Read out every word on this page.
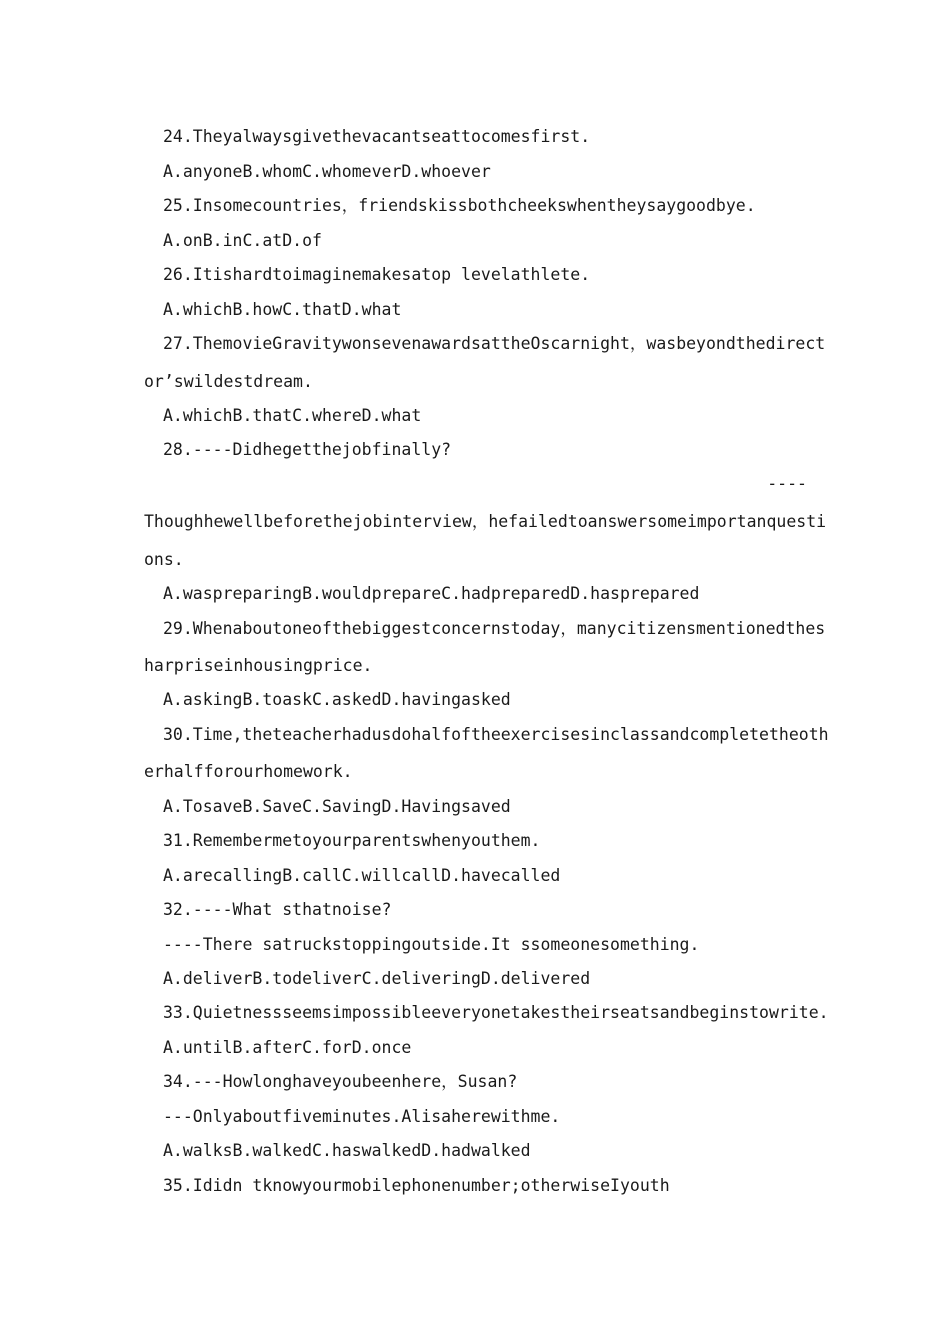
24.Theyalwaysgivethevacantseattocomesfirst.
A.anyoneB.whomC.whomeverD.whoever
25.Insomecountries，friendskissbothcheekswhentheysaygoodbye.
A.onB.inC.atD.of
26.Itishardtoimaginemakesatop levelathlete.
A.whichB.howC.thatD.what
27.ThemovieGravitywonsevenawardsattheOscarnight，wasbeyondthedirect
or’swildestdream.
A.whichB.thatC.whereD.what
28.----Didhegetthejobfinally?
----
Thoughhewellbeforethejobinterview，hefailedtoanswersomeimportanquesti
ons.
A.waspreparingB.wouldprepareC.hadpreparedD.hasprepared
29.Whenaboutoneofthebiggestconcernstoday，manycitizensmentionedthes
harpriseinhousingprice.
A.askingB.toaskC.askedD.havingasked
30.Time,theteacherhadusdohalfoftheexercisesinclassandcompletetheoth
erhalfforourhomework.
A.TosaveB.SaveC.SavingD.Havingsaved
31.Remembermetoyourparentswhenyouthem.
A.arecallingB.callC.willcallD.havecalled
32.----What sthatnoise?
----There satruckstoppingoutside.It ssomeonesomething.
A.deliverB.todeliverC.deliveringD.delivered
33.Quietnessseemsimpossibleeveryonetakestheirseatsandbeginstowrite.
A.untilB.afterC.forD.once
34.---Howlonghaveyoubeenhere，Susan?
---Onlyaboutfiveminutes.Alisaherewithme.
A.walksB.walkedC.haswalkedD.hadwalked
35.Ididn tknowyourmobilephonenumber;otherwiseIyouth
